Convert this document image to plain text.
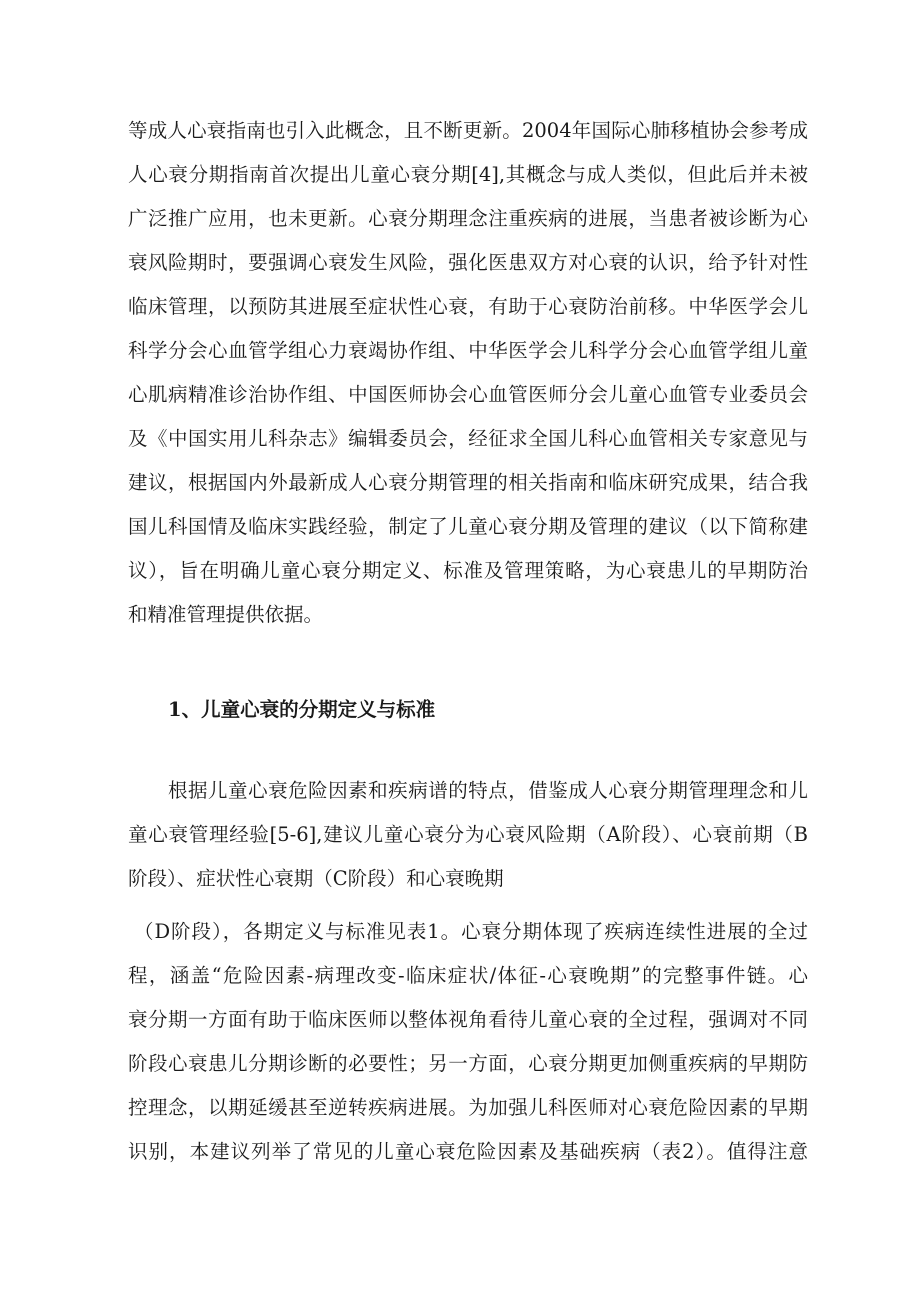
等成人心衰指南也引入此概念，且不断更新。2004年国际心肺移植协会参考成
人心衰分期指南首次提出儿童心衰分期[4],其概念与成人类似，但此后并未被
广泛推广应用，也未更新。心衰分期理念注重疾病的进展，当患者被诊断为心
衰风险期时，要强调心衰发生风险，强化医患双方对心衰的认识，给予针对性
临床管理，以预防其进展至症状性心衰，有助于心衰防治前移。中华医学会儿
科学分会心血管学组心力衰竭协作组、中华医学会儿科学分会心血管学组儿童
心肌病精准诊治协作组、中国医师协会心血管医师分会儿童心血管专业委员会
及《中国实用儿科杂志》编辑委员会，经征求全国儿科心血管相关专家意见与
建议，根据国内外最新成人心衰分期管理的相关指南和临床研究成果，结合我
国儿科国情及临床实践经验，制定了儿童心衰分期及管理的建议（以下简称建
议），旨在明确儿童心衰分期定义、标准及管理策略，为心衰患儿的早期防治
和精准管理提供依据。
1、儿童心衰的分期定义与标准
根据儿童心衰危险因素和疾病谱的特点，借鉴成人心衰分期管理理念和儿
童心衰管理经验[5-6],建议儿童心衰分为心衰风险期（A阶段）、心衰前期（B
阶段）、症状性心衰期（C阶段）和心衰晚期
（D阶段），各期定义与标准见表1。心衰分期体现了疾病连续性进展的全过
程，涵盖“危险因素-病理改变-临床症状/体征-心衰晚期”的完整事件链。心
衰分期一方面有助于临床医师以整体视角看待儿童心衰的全过程，强调对不同
阶段心衰患儿分期诊断的必要性；另一方面，心衰分期更加侧重疾病的早期防
控理念，以期延缓甚至逆转疾病进展。为加强儿科医师对心衰危险因素的早期
识别，本建议列举了常见的儿童心衰危险因素及基础疾病（表2）。值得注意
